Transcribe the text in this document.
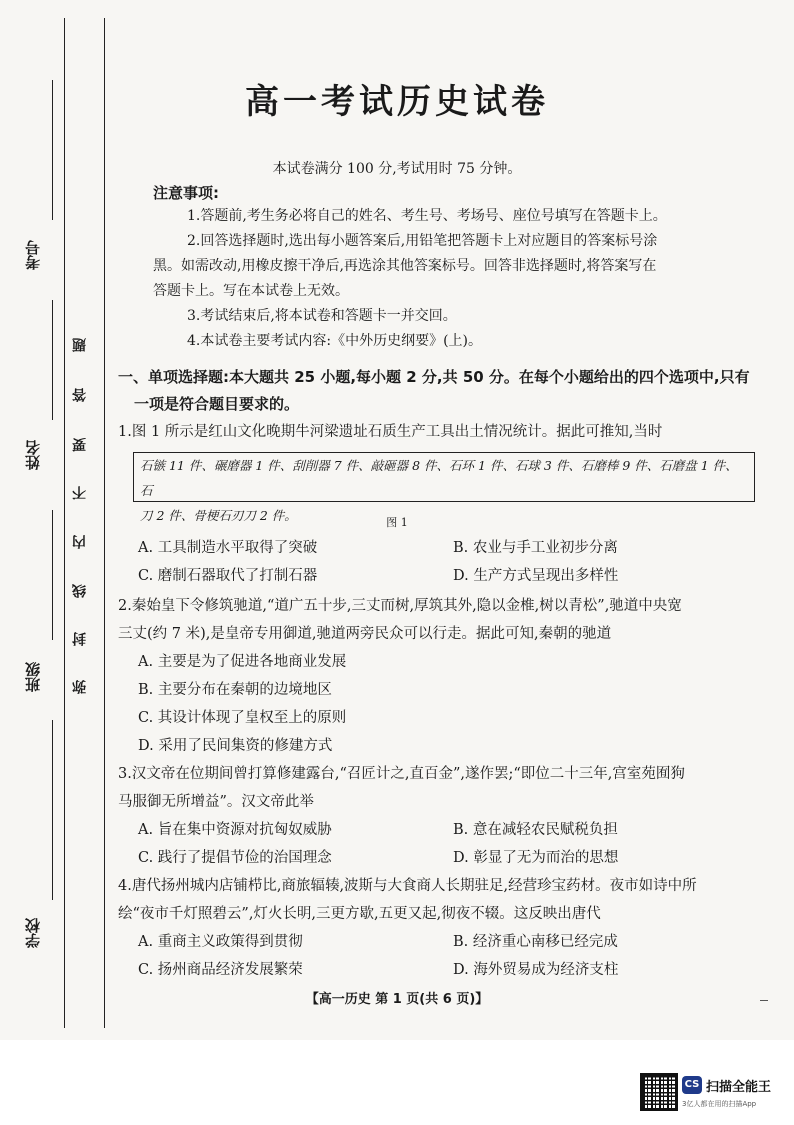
考号
姓名
班级
学校
题
答
要
不
内
线
封
弥
高一考试历史试卷
本试卷满分 100 分,考试用时 75 分钟。
注意事项:

1.答题前,考生务必将自己的姓名、考生号、考场号、座位号填写在答题卡上。

2.回答选择题时,选出每小题答案后,用铅笔把答题卡上对应题目的答案标号涂

黑。如需改动,用橡皮擦干净后,再选涂其他答案标号。回答非选择题时,将答案写在

答题卡上。写在本试卷上无效。

3.考试结束后,将本试卷和答题卡一并交回。

4.本试卷主要考试内容:《中外历史纲要》(上)。

一、单项选择题:本大题共 25 小题,每小题 2 分,共 50 分。在每个小题给出的四个选项中,只有
一项是符合题目要求的。
1.图 1 所示是红山文化晚期牛河梁遗址石质生产工具出土情况统计。据此可推知,当时
石镞 11 件、碾磨器 1 件、刮削器 7 件、敲砸器 8 件、石环 1 件、石球 3 件、石磨棒 9 件、石磨盘 1 件、石
刀 2 件、骨梗石刃刀 2 件。	图 1
A. 工具制造水平取得了突破	B. 农业与手工业初步分离
C. 磨制石器取代了打制石器	D. 生产方式呈现出多样性

2.秦始皇下令修筑驰道,“道广五十步,三丈而树,厚筑其外,隐以金椎,树以青松”,驰道中央宽

三丈(约 7 米),是皇帝专用御道,驰道两旁民众可以行走。据此可知,秦朝的驰道

A. 主要是为了促进各地商业发展
B. 主要分布在秦朝的边境地区
C. 其设计体现了皇权至上的原则
D. 采用了民间集资的修建方式

3.汉文帝在位期间曾打算修建露台,“召匠计之,直百金”,遂作罢;“即位二十三年,宫室苑囿狗

马服御无所增益”。汉文帝此举

A. 旨在集中资源对抗匈奴威胁	B. 意在减轻农民赋税负担
C. 践行了提倡节俭的治国理念	D. 彰显了无为而治的思想

4.唐代扬州城内店铺栉比,商旅辐辏,波斯与大食商人长期驻足,经营珍宝药材。夜市如诗中所

绘“夜市千灯照碧云”,灯火长明,三更方歇,五更又起,彻夜不辍。这反映出唐代

A. 重商主义政策得到贯彻	B. 经济重心南移已经完成
C. 扬州商品经济发展繁荣	D. 海外贸易成为经济支柱
【高一历史 第 1 页(共 6 页)】
CS 扫描全能王
3亿人都在用的扫描App
